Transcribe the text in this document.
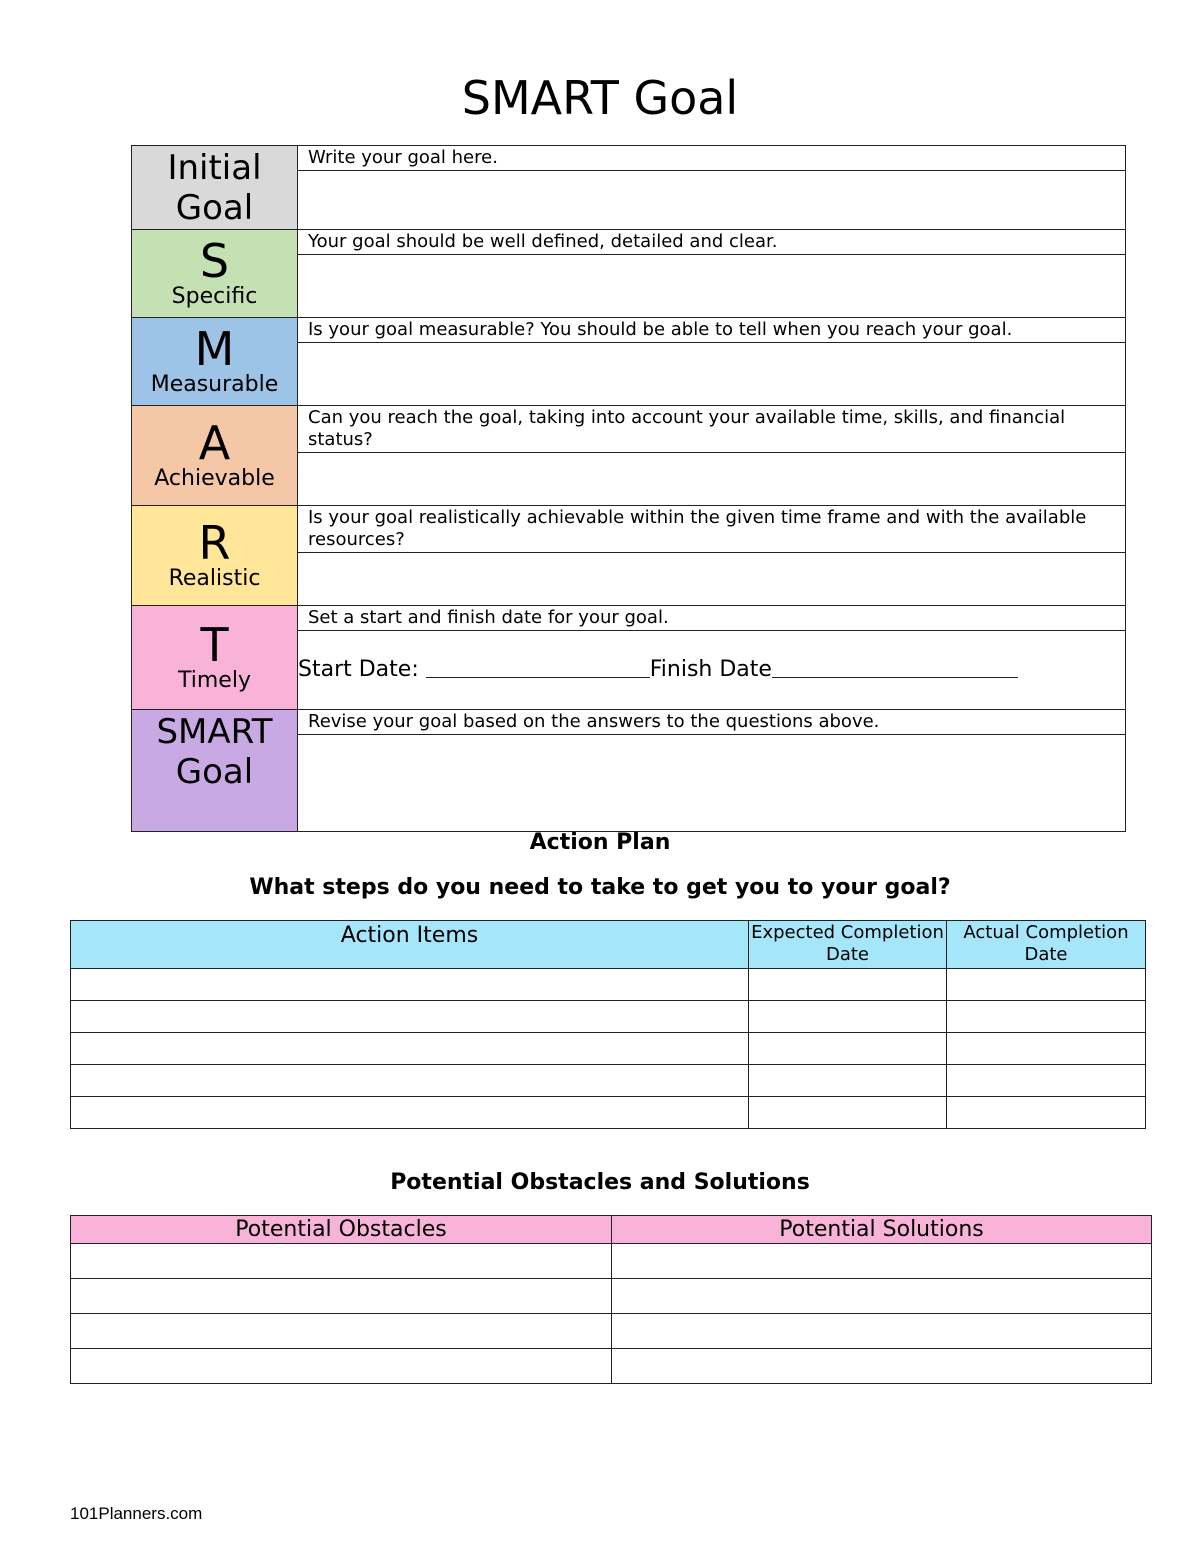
SMART Goal
Initial Goal	Write your goal here.

S
Specific	Your goal should be well defined, detailed and clear.

M
Measurable	Is your goal measurable? You should be able to tell when you reach your goal.

A
Achievable	Can you reach the goal, taking into account your available time, skills, and financial status?

R
Realistic	Is your goal realistically achievable within the given time frame and with the available resources?

T
Timely	Set a start and finish date for your goal.
	Start Date: Finish Date

SMART Goal	Revise your goal based on the answers to the questions above.

Action Plan
What steps do you need to take to get you to your goal?
Action Items	Expected Completion Date	Actual Completion Date

Potential Obstacles and Solutions
Potential Obstacles	Potential Solutions

101Planners.com
